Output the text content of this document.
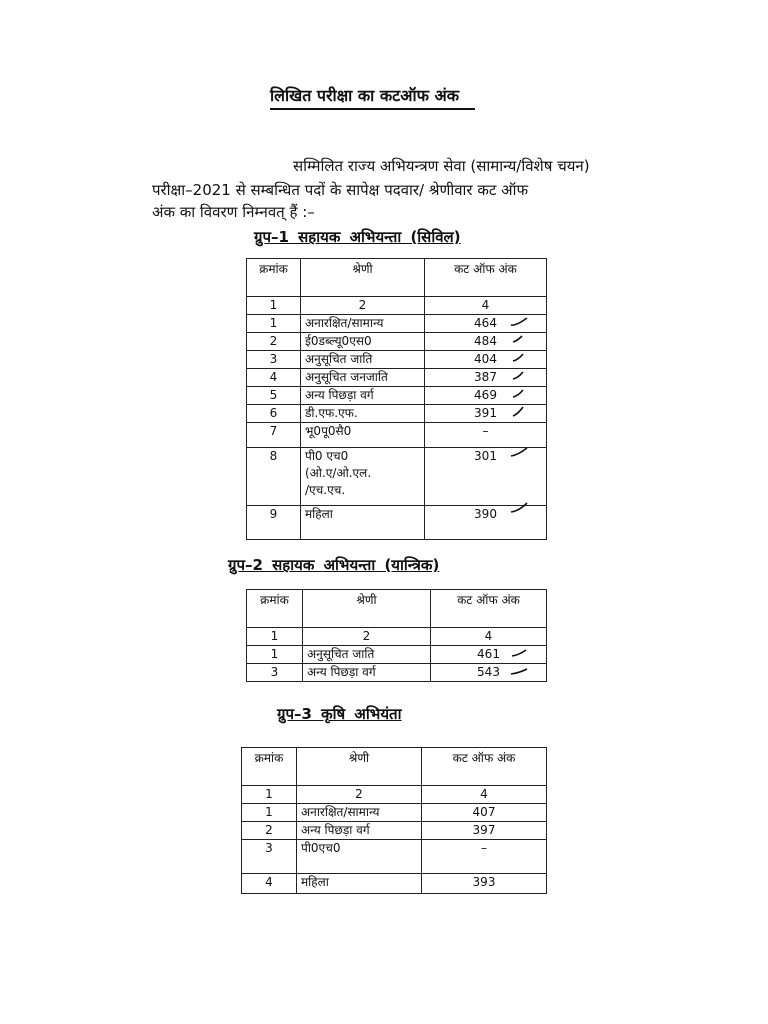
लिखित परीक्षा का कटऑफ अंक
सम्मिलित राज्य अभियन्त्रण सेवा (सामान्य/विशेष चयन)
परीक्षा–2021 से सम्बन्धित पदों के सापेक्ष पदवार/ श्रेणीवार कट ऑफ
अंक का विवरण निम्नवत् हैं :–
ग्रुप–1 सहायक अभियन्ता (सिविल)
क्रमांक	श्रेणी	कट ऑफ अंक
1	2	4
1	अनारक्षित/सामान्य	464

2	ई0डब्ल्यू0एस0	484

3	अनुसूचित जाति	404

4	अनुसूचित जनजाति	387

5	अन्य पिछड़ा वर्ग	469

6	डी.एफ.एफ.	391

7	भू0पू0सै0	–
8	पी0 एच0
(ओ.ए/ओ.एल.
/एच.एच.	301

9	महिला	390
ग्रुप–2 सहायक अभियन्ता (यान्त्रिक)
क्रमांक	श्रेणी	कट ऑफ अंक
1	2	4
1	अनुसूचित जाति	461

3	अन्य पिछड़ा वर्ग	543
ग्रुप–3 कृषि अभियंता
क्रमांक	श्रेणी	कट ऑफ अंक
1	2	4
1	अनारक्षित/सामान्य	407
2	अन्य पिछड़ा वर्ग	397
3	पी0एच0	–
4	महिला	393
